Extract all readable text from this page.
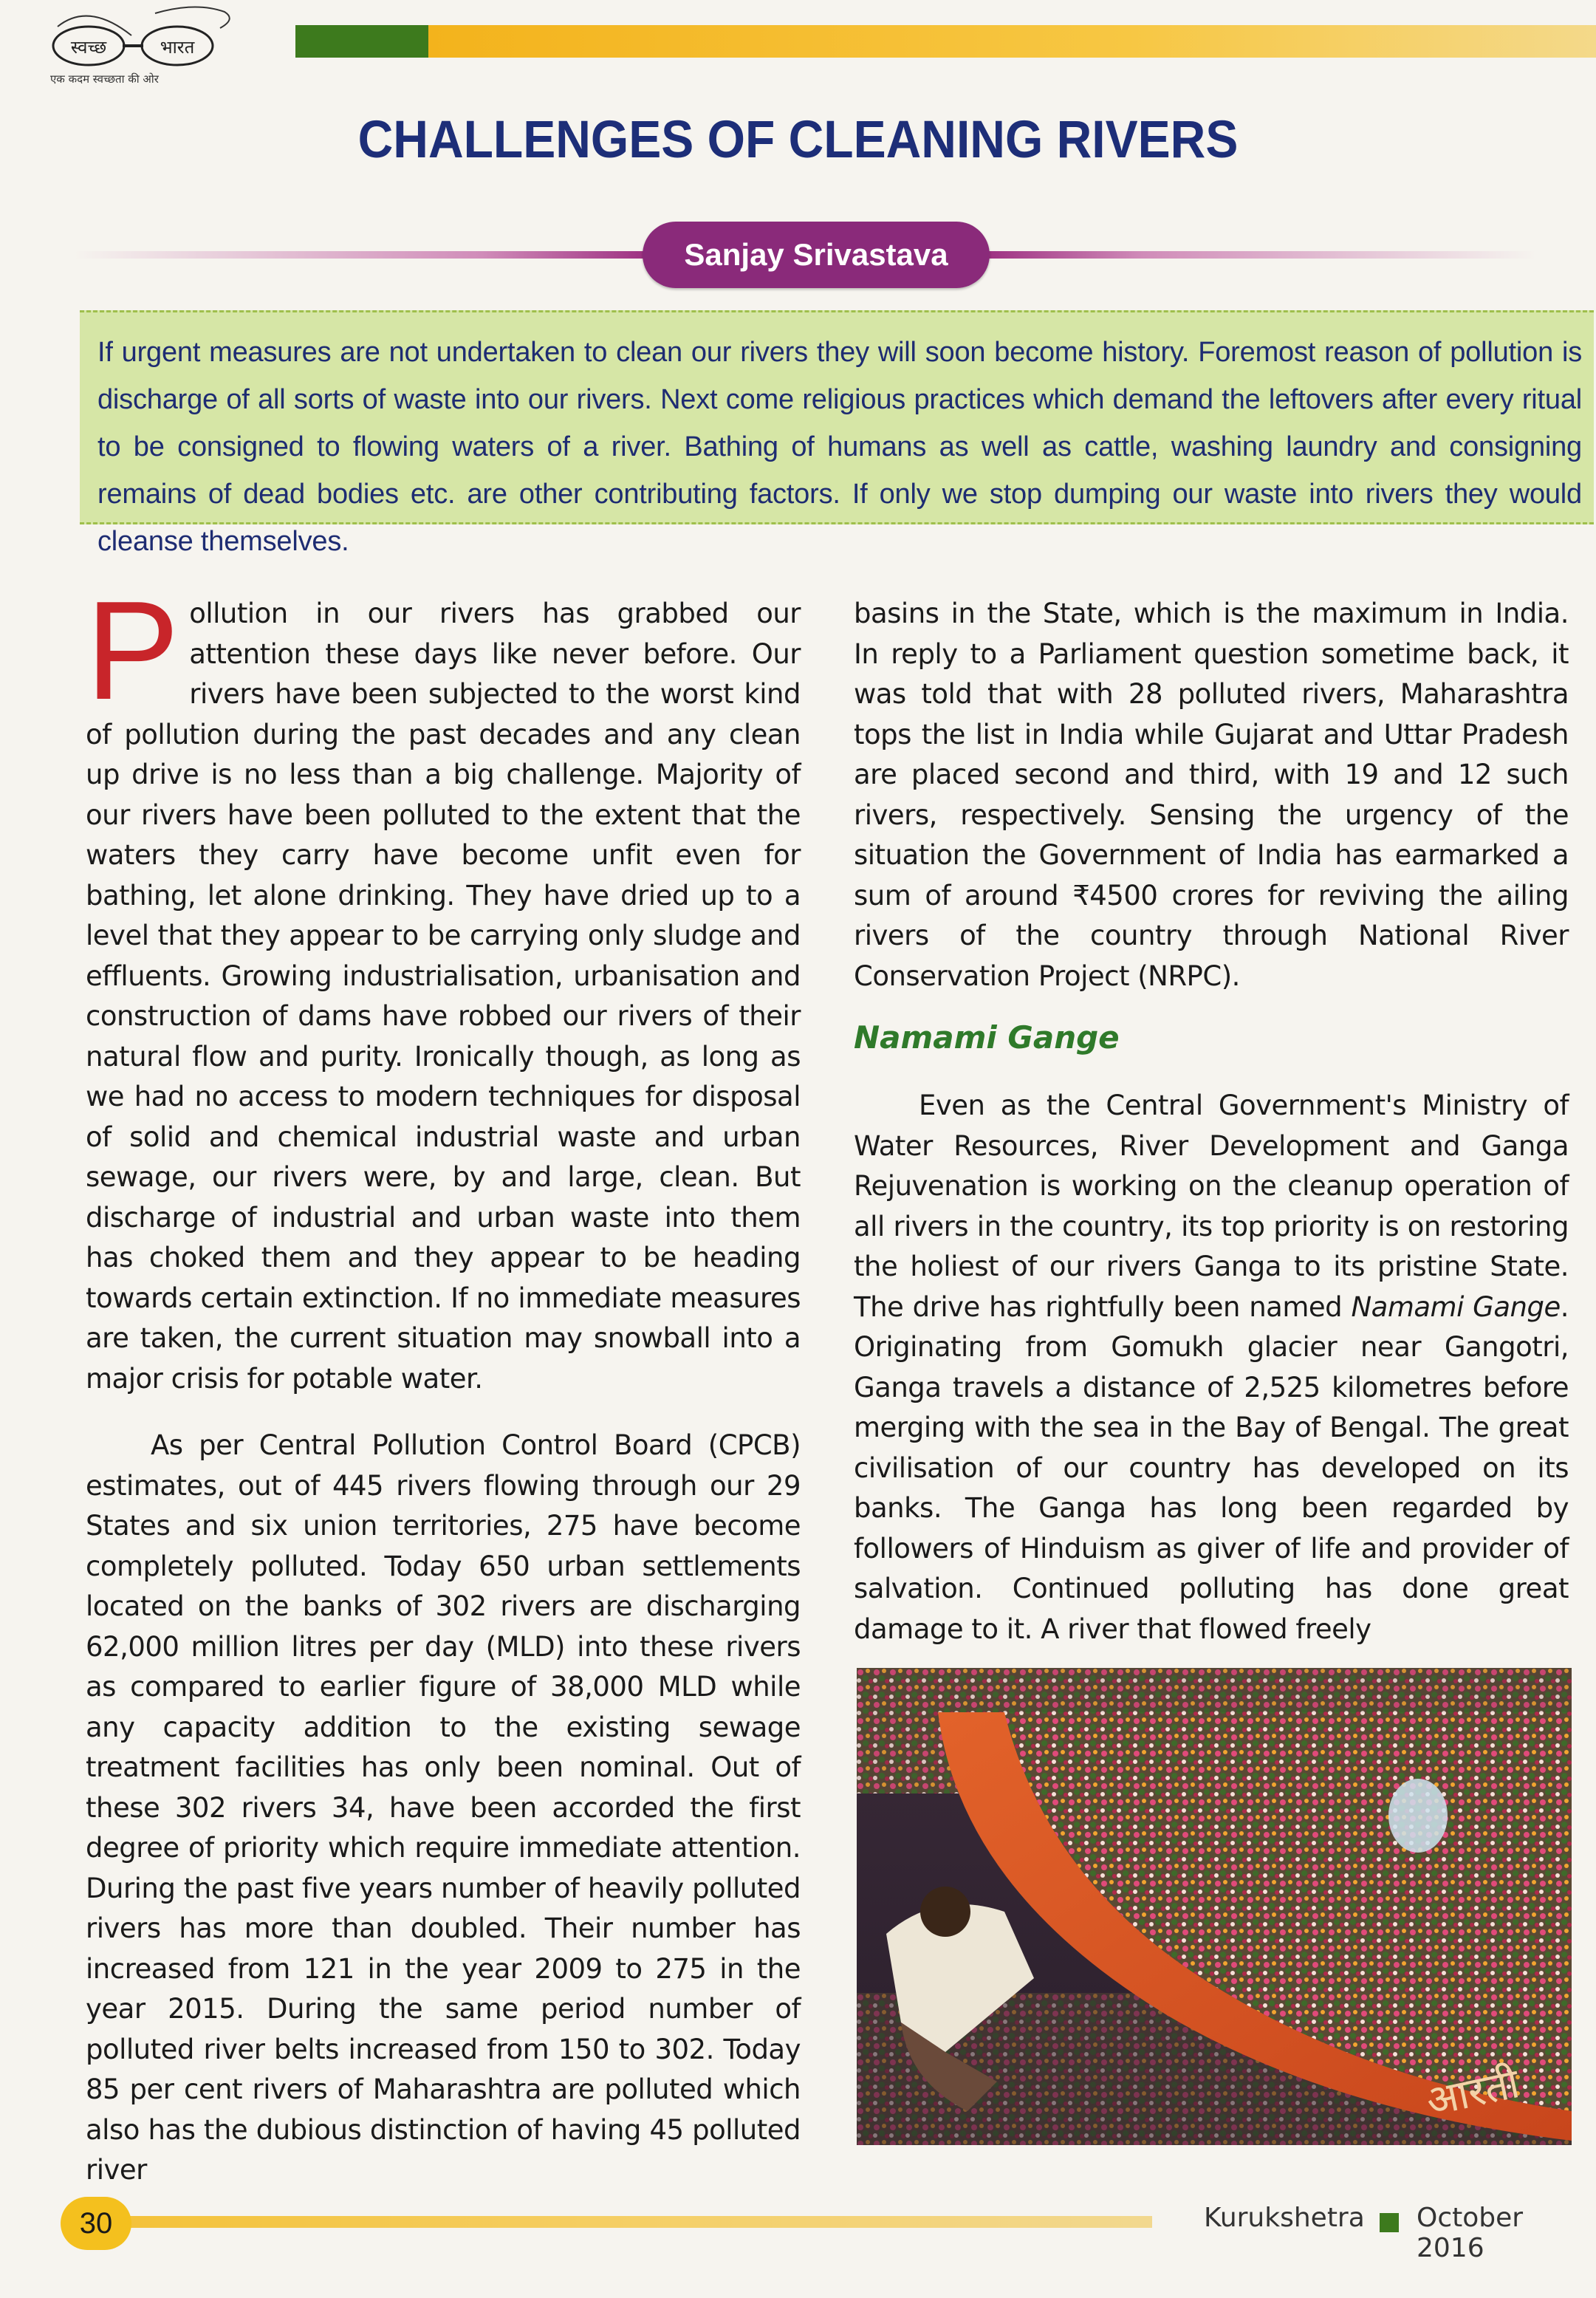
स्वच्छ	भारत
एक कदम स्वच्छता की ओर
CHALLENGES OF CLEANING RIVERS
Sanjay Srivastava
If urgent measures are not undertaken to clean our rivers they will soon become history. Foremost reason of pollution is discharge of all sorts of waste into our rivers. Next come religious practices which demand the leftovers after every ritual to be consigned to flowing waters of a river. Bathing of humans as well as cattle, washing laundry and consigning remains of dead bodies etc. are other contributing factors. If only we stop dumping our waste into rivers they would cleanse themselves.

Pollution in our rivers has grabbed our attention these days like never before. Our rivers have been subjected to the worst kind of pollution during the past decades and any clean up drive is no less than a big challenge. Majority of our rivers have been polluted to the extent that the waters they carry have become unfit even for bathing, let alone drinking. They have dried up to a level that they appear to be carrying only sludge and effluents. Growing industrialisation, urbanisation and construction of dams have robbed our rivers of their natural flow and purity. Ironically though, as long as we had no access to modern techniques for disposal of solid and chemical industrial waste and urban sewage, our rivers were, by and large, clean. But discharge of industrial and urban waste into them has choked them and they appear to be heading towards certain extinction. If no immediate measures are taken, the current situation may snowball into a major crisis for potable water.

As per Central Pollution Control Board (CPCB) estimates, out of 445 rivers flowing through our 29 States and six union territories, 275 have become completely polluted. Today 650 urban settlements located on the banks of 302 rivers are discharging 62,000 million litres per day (MLD) into these rivers as compared to earlier figure of 38,000 MLD while any capacity addition to the existing sewage treatment facilities has only been nominal. Out of these 302 rivers 34, have been accorded the first degree of priority which require immediate attention. During the past five years number of heavily polluted rivers has more than doubled. Their number has increased from 121 in the year 2009 to 275 in the year 2015. During the same period number of polluted river belts increased from 150 to 302. Today 85 per cent rivers of Maharashtra are polluted which also has the dubious distinction of having 45 polluted river

basins in the State, which is the maximum in India. In reply to a Parliament question sometime back, it was told that with 28 polluted rivers, Maharashtra tops the list in India while Gujarat and Uttar Pradesh are placed second and third, with 19 and 12 such rivers, respectively. Sensing the urgency of the situation the Government of India has earmarked a sum of around ₹4500 crores for reviving the ailing rivers of the country through National River Conservation Project (NRPC).

Namami Gange

Even as the Central Government's Ministry of Water Resources, River Development and Ganga Rejuvenation is working on the cleanup operation of all rivers in the country, its top priority is on restoring the holiest of our rivers Ganga to its pristine State. The drive has rightfully been named Namami Gange. Originating from Gomukh glacier near Gangotri, Ganga travels a distance of 2,525 kilometres before merging with the sea in the Bay of Bengal. The great civilisation of our country has developed on its banks. The Ganga has long been regarded by followers of Hinduism as giver of life and provider of salvation. Continued polluting has done great damage to it. A river that flowed freely

आरती
30	Kurukshetra October 2016
